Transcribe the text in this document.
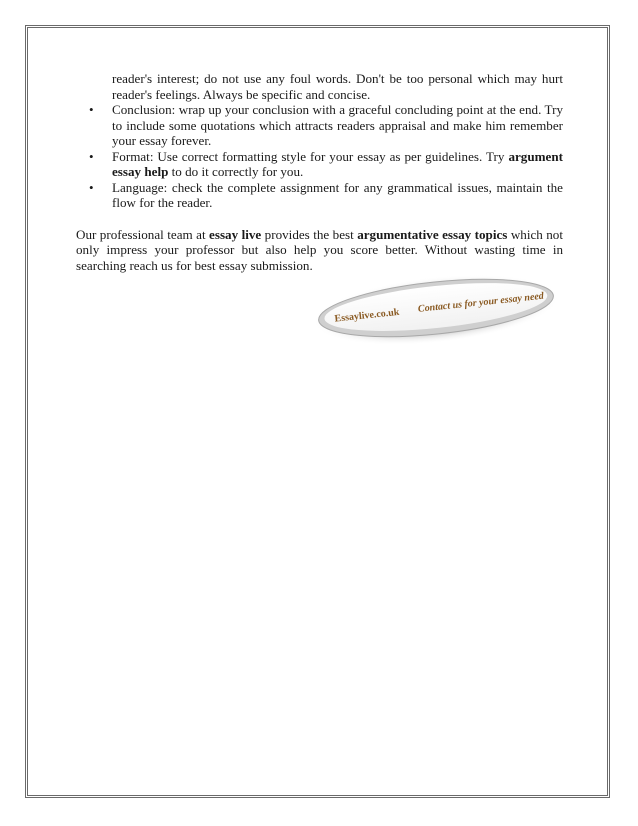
reader's interest; do not use any foul words. Don't be too personal which may hurt reader's feelings. Always be specific and concise.

• Conclusion: wrap up your conclusion with a graceful concluding point at the end. Try to include some quotations which attracts readers appraisal and make him remember your essay forever.
• Format: Use correct formatting style for your essay as per guidelines. Try argument essay help to do it correctly for you.
• Language: check the complete assignment for any grammatical issues, maintain the flow for the reader.

Our professional team at essay live provides the best argumentative essay topics which not only impress your professor but also help you score better. Without wasting time in searching reach us for best essay submission.

Essaylive.co.uk
Contact us for your essay need
